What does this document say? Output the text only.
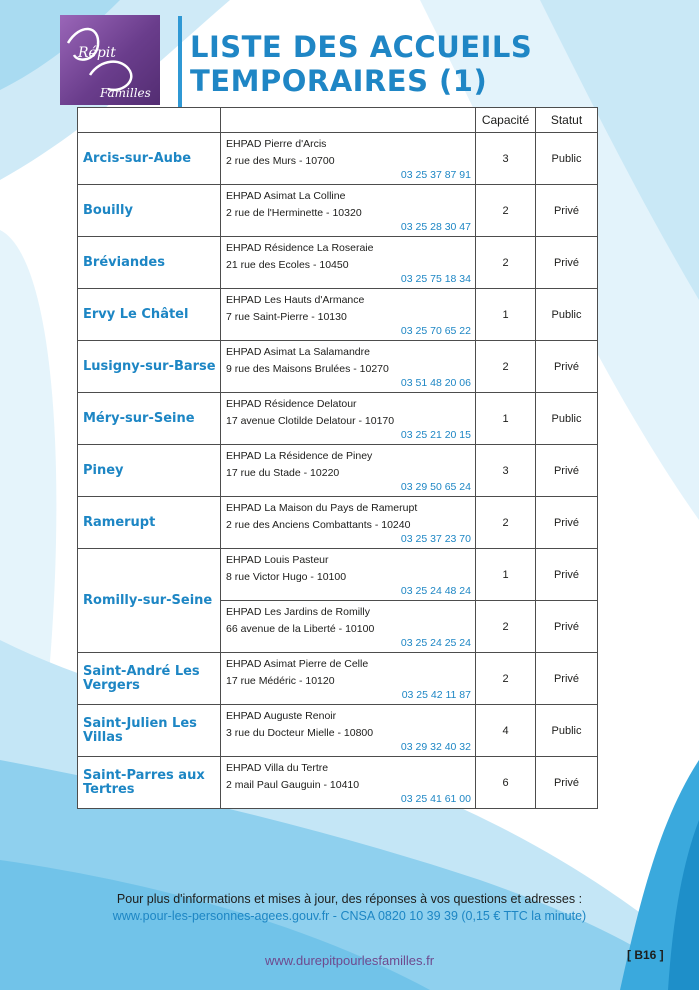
Répit
Familles
LISTE DES ACCUEILS
TEMPORAIRES (1)
		Capacité	Statut
Arcis-sur-Aube	EHPAD Pierre d'Arcis
2 rue des Murs - 10700
03 25 37 87 91	3	Public
Bouilly	EHPAD Asimat La Colline
2 rue de l'Herminette - 10320
03 25 28 30 47	2	Privé
Bréviandes	EHPAD Résidence La Roseraie
21 rue des Ecoles - 10450
03 25 75 18 34	2	Privé
Ervy Le Châtel	EHPAD Les Hauts d'Armance
7 rue Saint-Pierre - 10130
03 25 70 65 22	1	Public
Lusigny-sur-Barse	EHPAD Asimat La Salamandre
9 rue des Maisons Brulées - 10270
03 51 48 20 06	2	Privé
Méry-sur-Seine	EHPAD Résidence Delatour
17 avenue Clotilde Delatour - 10170
03 25 21 20 15	1	Public
Piney	EHPAD La Résidence de Piney
17 rue du Stade - 10220
03 29 50 65 24	3	Privé
Ramerupt	EHPAD La Maison du Pays de Ramerupt
2 rue des Anciens Combattants - 10240
03 25 37 23 70	2	Privé
Romilly-sur-Seine	EHPAD Louis Pasteur
8 rue Victor Hugo - 10100
03 25 24 48 24	1	Privé

	EHPAD Les Jardins de Romilly
66 avenue de la Liberté - 10100
03 25 24 25 24	2	Privé
Saint-André Les Vergers	EHPAD Asimat Pierre de Celle
17 rue Médéric - 10120
03 25 42 11 87	2	Privé
Saint-Julien Les Villas	EHPAD Auguste Renoir
3 rue du Docteur Mielle - 10800
03 29 32 40 32	4	Public
Saint-Parres aux Tertres	EHPAD Villa du Tertre
2 mail Paul Gauguin - 10410
03 25 41 61 00	6	Privé
Pour plus d'informations et mises à jour, des réponses à vos questions et adresses :
www.pour-les-personnes-agees.gouv.fr - CNSA 0820 10 39 39 (0,15 € TTC la minute)
www.durepitpourlesfamilles.fr	[ B16 ]
